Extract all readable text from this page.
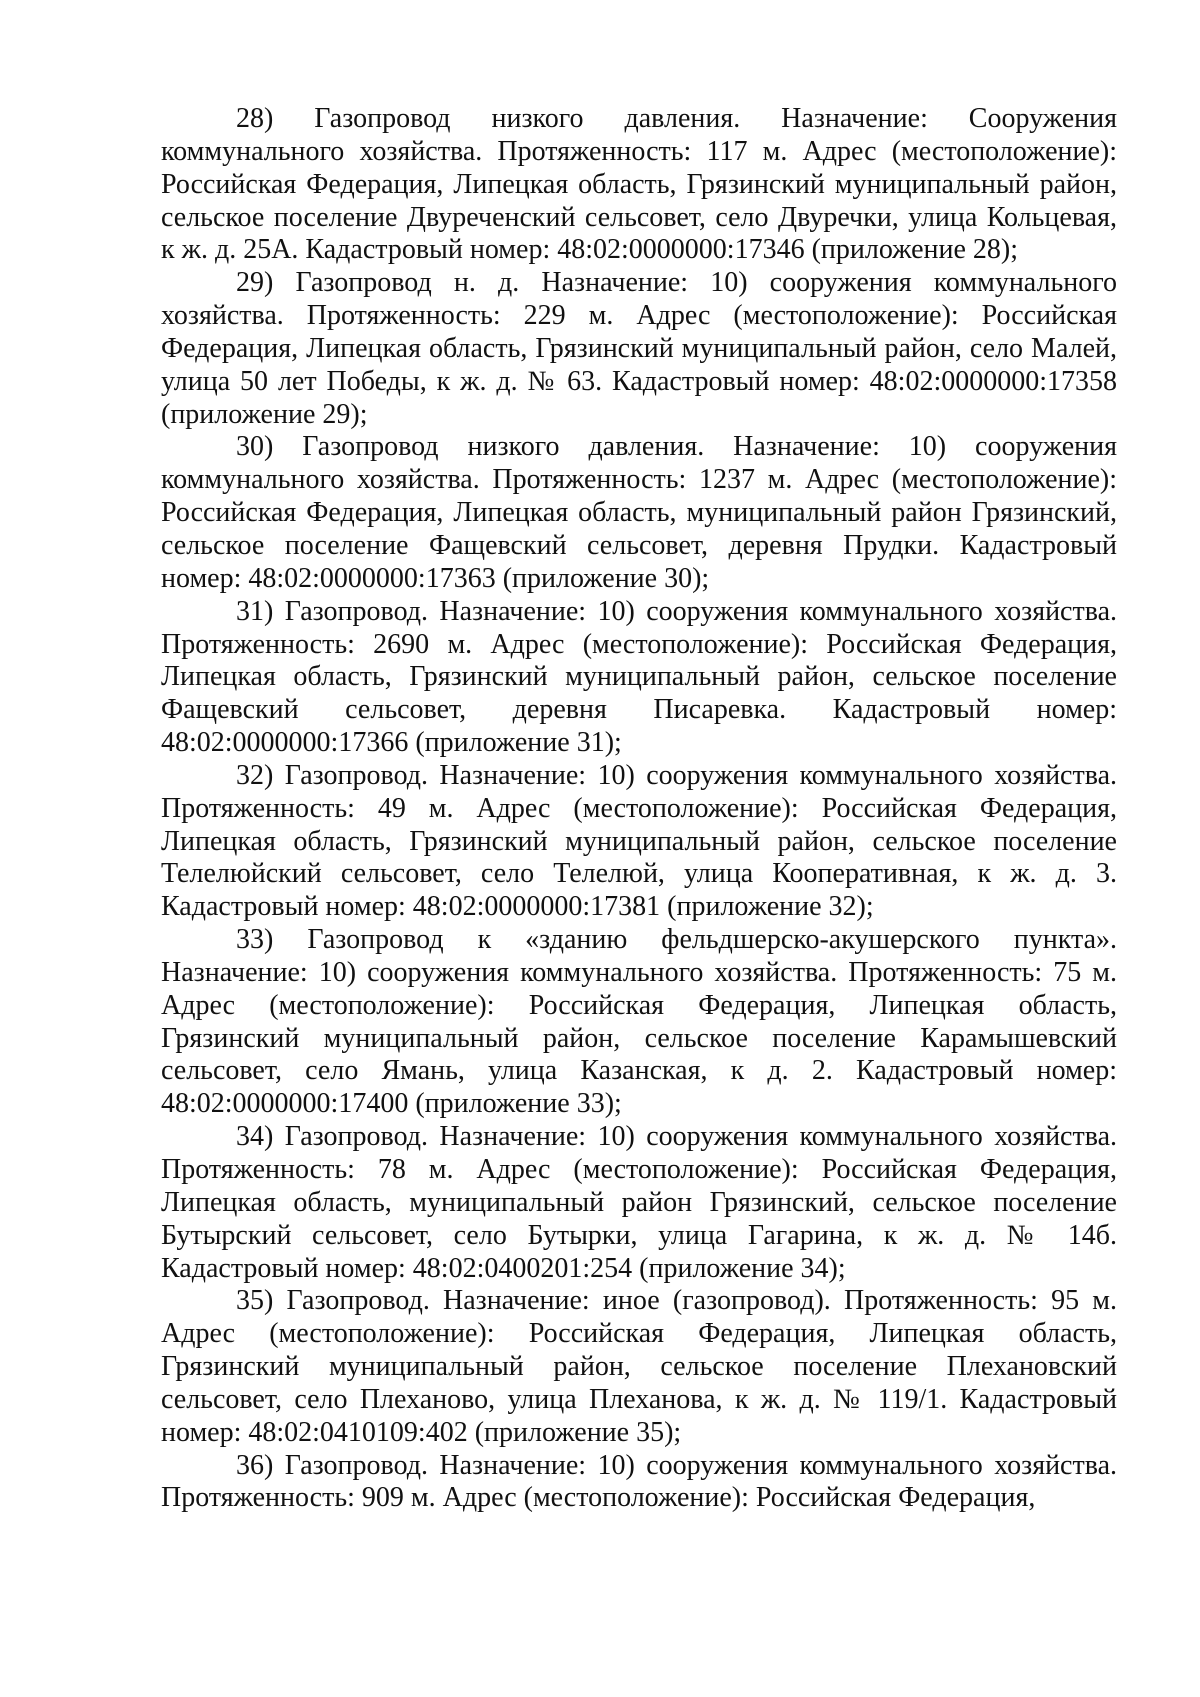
28) Газопровод низкого давления. Назначение: Сооружения коммунального хозяйства. Протяженность: 117 м. Адрес (местоположение): Российская Федерация, Липецкая область, Грязинский муниципальный район, сельское поселение Двуреченский сельсовет, село Двуречки, улица Кольцевая, к ж. д. 25А. Кадастровый номер: 48:02:0000000:17346 (приложение 28);

29) Газопровод н. д. Назначение: 10) сооружения коммунального хозяйства. Протяженность: 229 м. Адрес (местоположение): Российская Федерация, Липецкая область, Грязинский муниципальный район, село Малей, улица 50 лет Победы, к ж. д. № 63. Кадастровый номер: 48:02:0000000:17358 (приложение 29);

30) Газопровод низкого давления. Назначение: 10) сооружения коммунального хозяйства. Протяженность: 1237 м. Адрес (местоположение): Российская Федерация, Липецкая область, муниципальный район Грязинский, сельское поселение Фащевский сельсовет, деревня Прудки. Кадастровый номер: 48:02:0000000:17363 (приложение 30);

31) Газопровод. Назначение: 10) сооружения коммунального хозяйства. Протяженность: 2690 м. Адрес (местоположение): Российская Федерация, Липецкая область, Грязинский муниципальный район, сельское поселение Фащевский сельсовет, деревня Писаревка. Кадастровый номер: 48:02:0000000:17366 (приложение 31);

32) Газопровод. Назначение: 10) сооружения коммунального хозяйства. Протяженность: 49 м. Адрес (местоположение): Российская Федерация, Липецкая область, Грязинский муниципальный район, сельское поселение Телелюйский сельсовет, село Телелюй, улица Кооперативная, к ж. д. 3. Кадастровый номер: 48:02:0000000:17381 (приложение 32);

33) Газопровод к «зданию фельдшерско-акушерского пункта». Назначение: 10) сооружения коммунального хозяйства. Протяженность: 75 м. Адрес (местоположение): Российская Федерация, Липецкая область, Грязинский муниципальный район, сельское поселение Карамышевский сельсовет, село Ямань, улица Казанская, к д. 2. Кадастровый номер: 48:02:0000000:17400 (приложение 33);

34) Газопровод. Назначение: 10) сооружения коммунального хозяйства. Протяженность: 78 м. Адрес (местоположение): Российская Федерация, Липецкая область, муниципальный район Грязинский, сельское поселение Бутырский сельсовет, село Бутырки, улица Гагарина, к ж. д. № 14б. Кадастровый номер: 48:02:0400201:254 (приложение 34);

35) Газопровод. Назначение: иное (газопровод). Протяженность: 95 м. Адрес (местоположение): Российская Федерация, Липецкая область, Грязинский муниципальный район, сельское поселение Плехановский сельсовет, село Плеханово, улица Плеханова, к ж. д. № 119/1. Кадастровый номер: 48:02:0410109:402 (приложение 35);

36) Газопровод. Назначение: 10) сооружения коммунального хозяйства. Протяженность: 909 м. Адрес (местоположение): Российская Федерация,
